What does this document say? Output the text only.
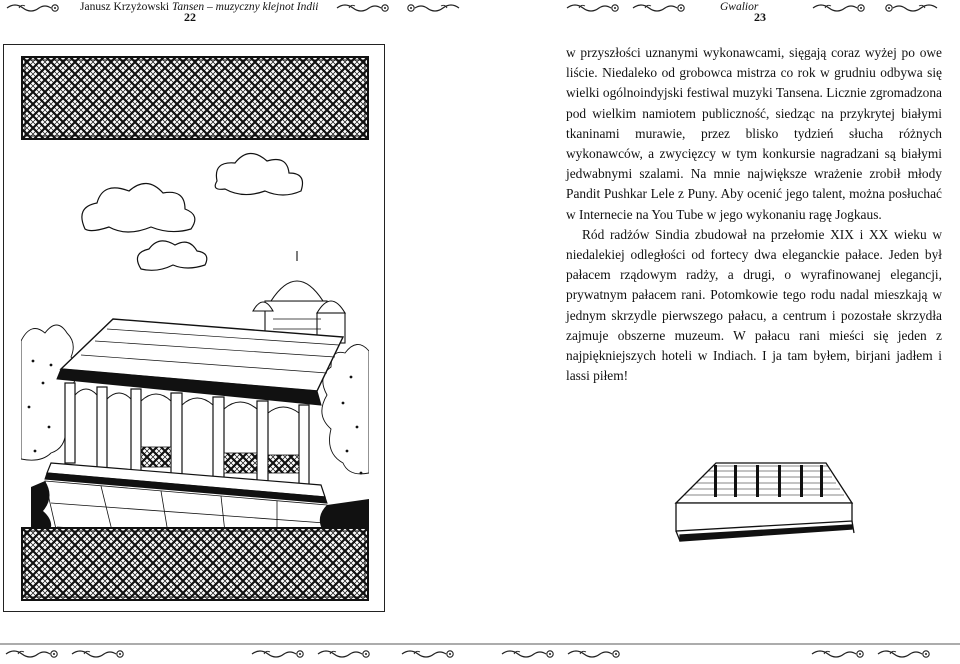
Janusz Krzyżowski Tansen – muzyczny klejnot Indii
22
Gwalior

w przyszłości uznanymi wykonawcami, sięgają coraz wyżej po owe liście. Niedaleko od grobowca mistrza co rok w grudniu odbywa się wielki ogólnoindyjski festiwal muzyki Tansena. Licznie zgromadzona pod wielkim namiotem publiczność, siedząc na przykrytej białymi tkaninami murawie, przez blisko tydzień słucha różnych wykonawców, a zwycięzcy w tym konkursie nagradzani są białymi jedwabnymi szalami. Na mnie największe wrażenie zrobił młody Pandit Pushkar Lele z Puny. Aby ocenić jego talent, można posłuchać w Internecie na You Tube w jego wykonaniu ragę Jogkaus.

Ród radżów Sindia zbudował na przełomie XIX i XX wieku w niedalekiej odległości od fortecy dwa eleganckie pałace. Jeden był pałacem rządowym radży, a drugi, o wyrafinowanej elegancji, prywatnym pałacem rani. Potomkowie tego rodu nadal mieszkają w jednym skrzydle pierwszego pałacu, a centrum i pozostałe skrzydła zajmuje obszerne muzeum. W pałacu rani mieści się jeden z najpiękniejszych hoteli w Indiach. I ja tam byłem, birjani jadłem i lassi piłem!

23
